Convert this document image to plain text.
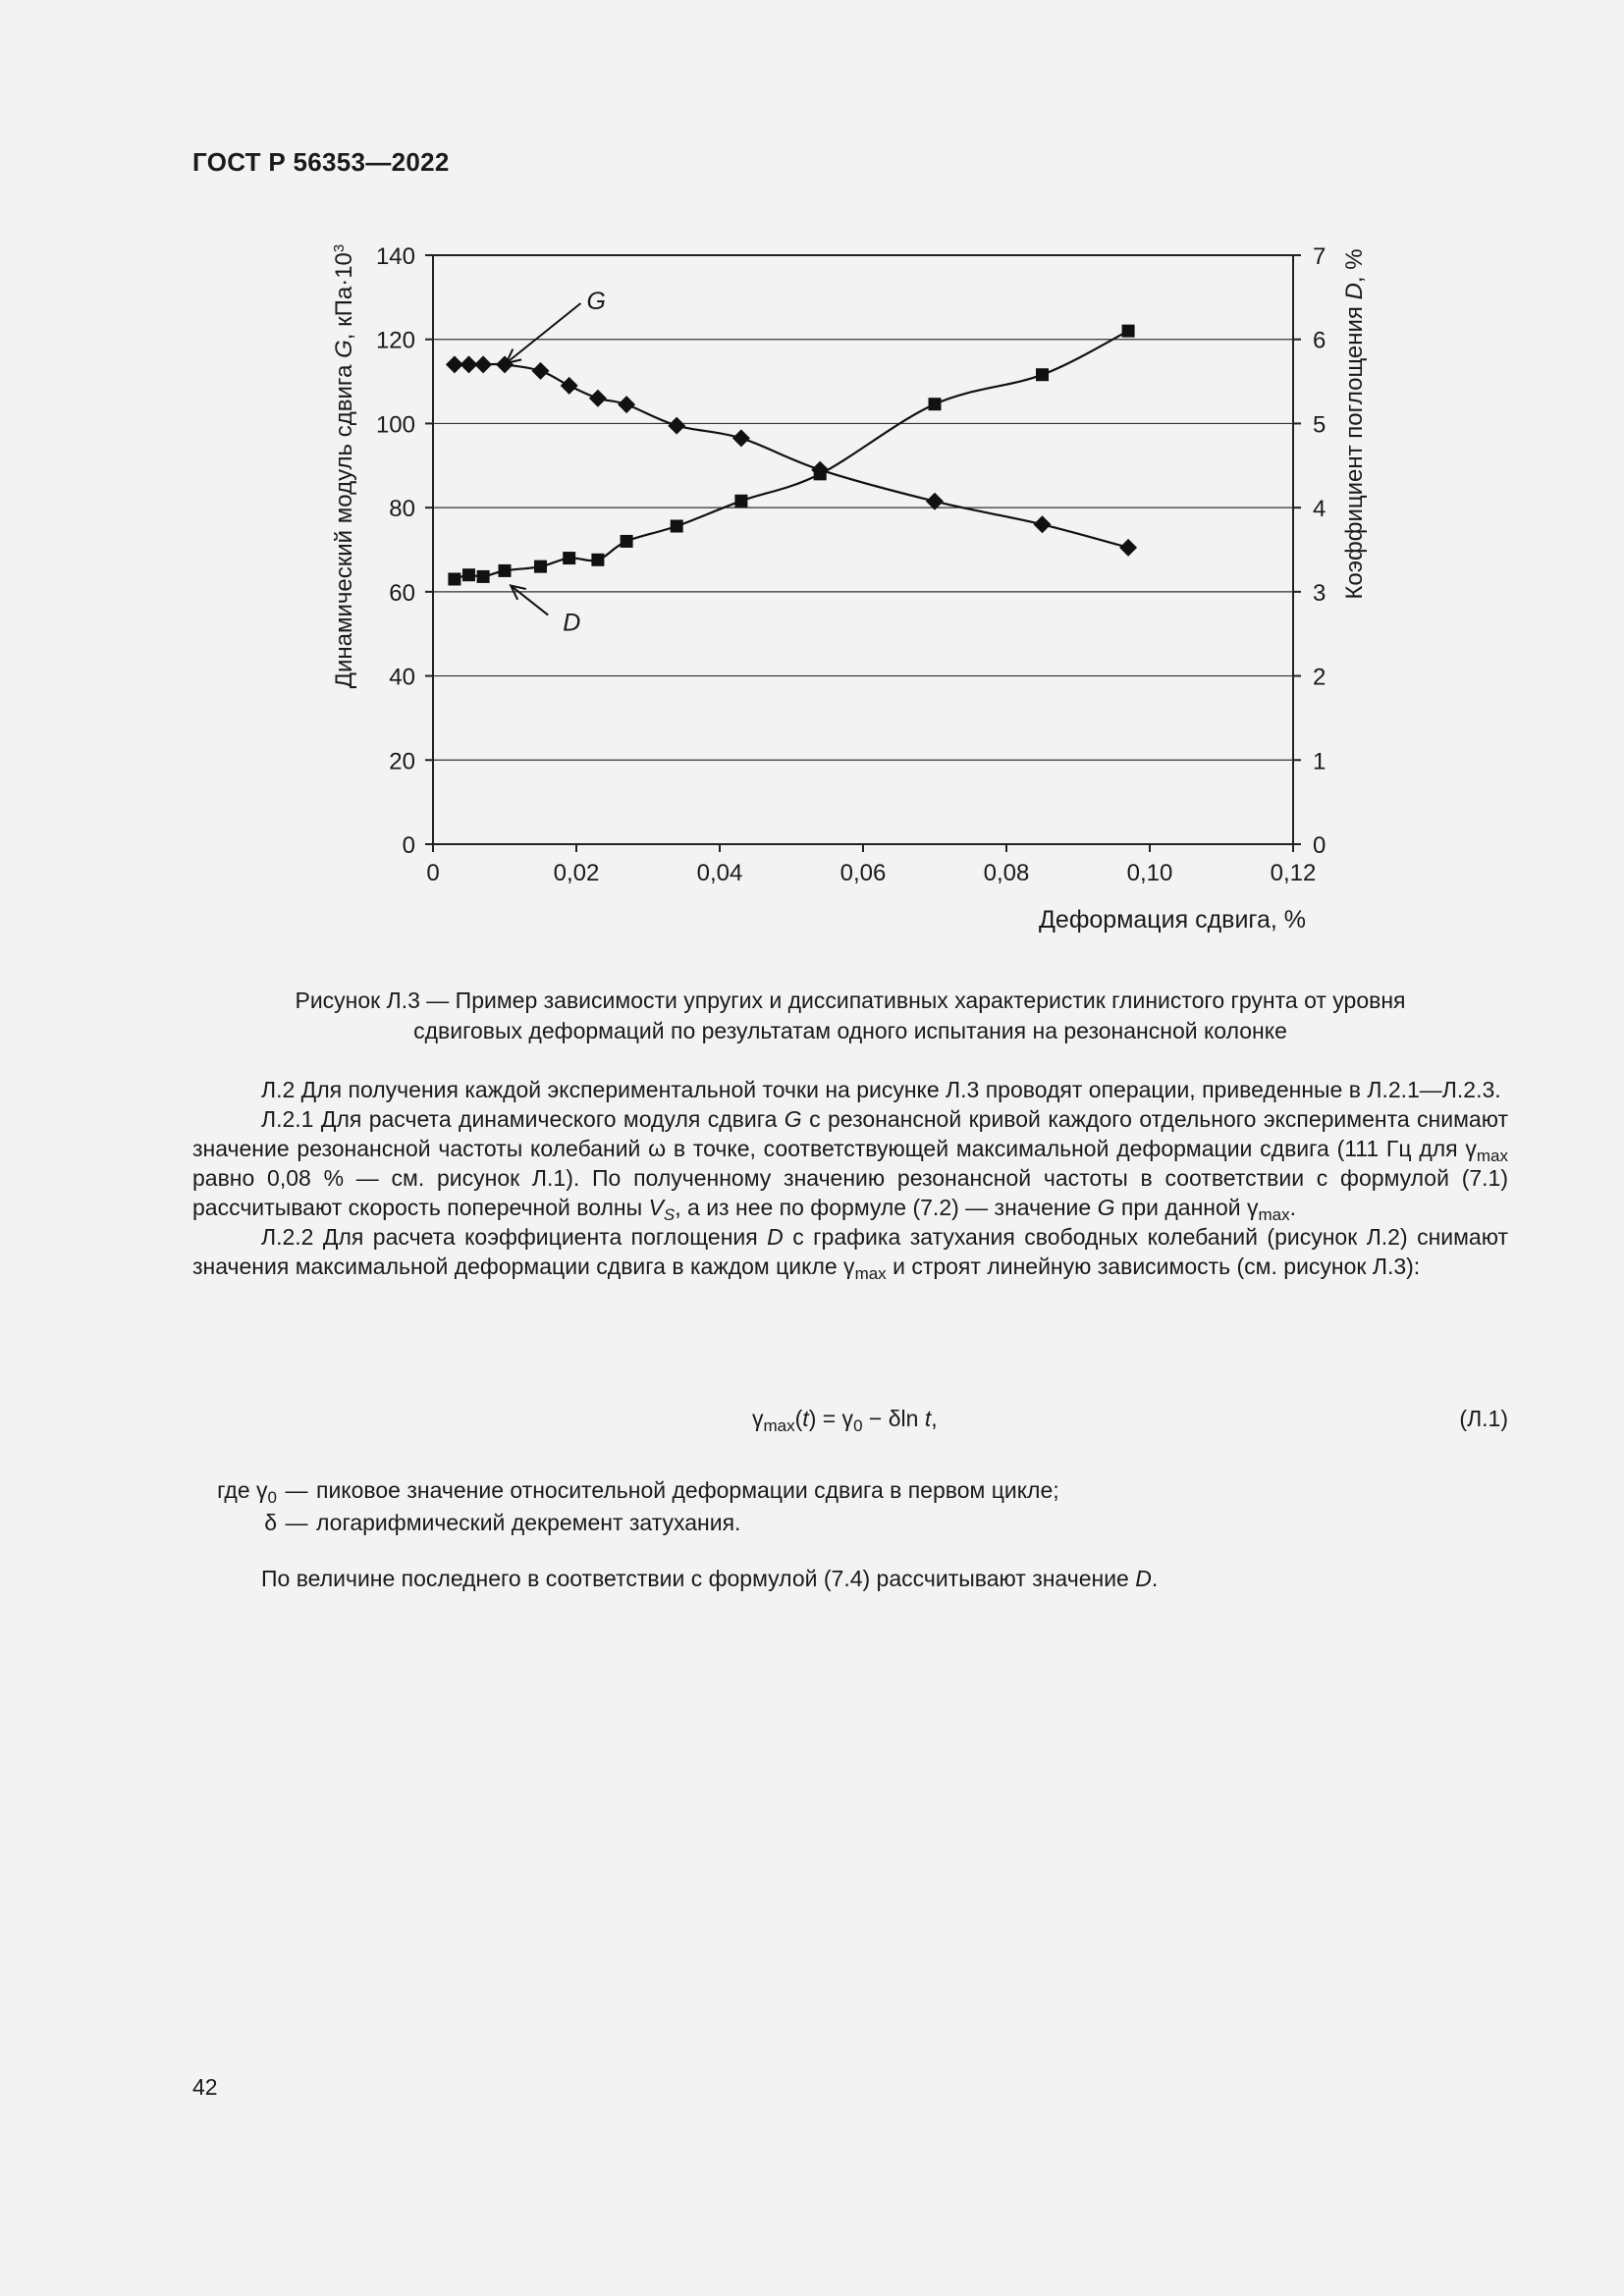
ГОСТ Р 56353—2022
0	0,02	0,04	0,06	0,08	0,10	0,12
0
20
40
60
80
100
120
140
0
1
2
3
4
5
6
7
G
D
Деформация сдвига, %
Динамический модуль сдвига G, $кПа\cdot 10^3$
Коэффициент поглощения D, %
Рисунок Л.3 — Пример зависимости упругих и диссипативных характеристик глинистого грунта от уровня
сдвиговых деформаций по результатам одного испытания на резонансной колонке

Л.2 Для получения каждой экспериментальной точки на рисунке Л.3 проводят операции, приведенные в Л.2.1—Л.2.3.

Л.2.1 Для расчета динамического модуля сдвига G с резонансной кривой каждого отдельного эксперимента снимают значение резонансной частоты колебаний ω в точке, соответствующей максимальной деформации сдвига (111 Гц для $\gamma_{max}$ равно 0,08 % — см. рисунок Л.1). По полученному значению резонансной частоты в соответствии с формулой (7.1) рассчитывают скорость поперечной волны $V_S$, а из нее по формуле (7.2) — значение G при данной $\gamma_{max}$.

Л.2.2 Для расчета коэффициента поглощения D с графика затухания свободных колебаний (рисунок Л.2) снимают значения максимальной деформации сдвига в каждом цикле $\gamma_{max}$ и строят линейную зависимость (см. рисунок Л.3):

$\gamma_{max}(t) = \gamma_0 - \delta\ln$ t,	(Л.1)
где $\gamma_0$ — пиковое значение относительной деформации сдвига в первом цикле;
δ — логарифмический декремент затухания.

По величине последнего в соответствии с формулой (7.4) рассчитывают значение D.

42
